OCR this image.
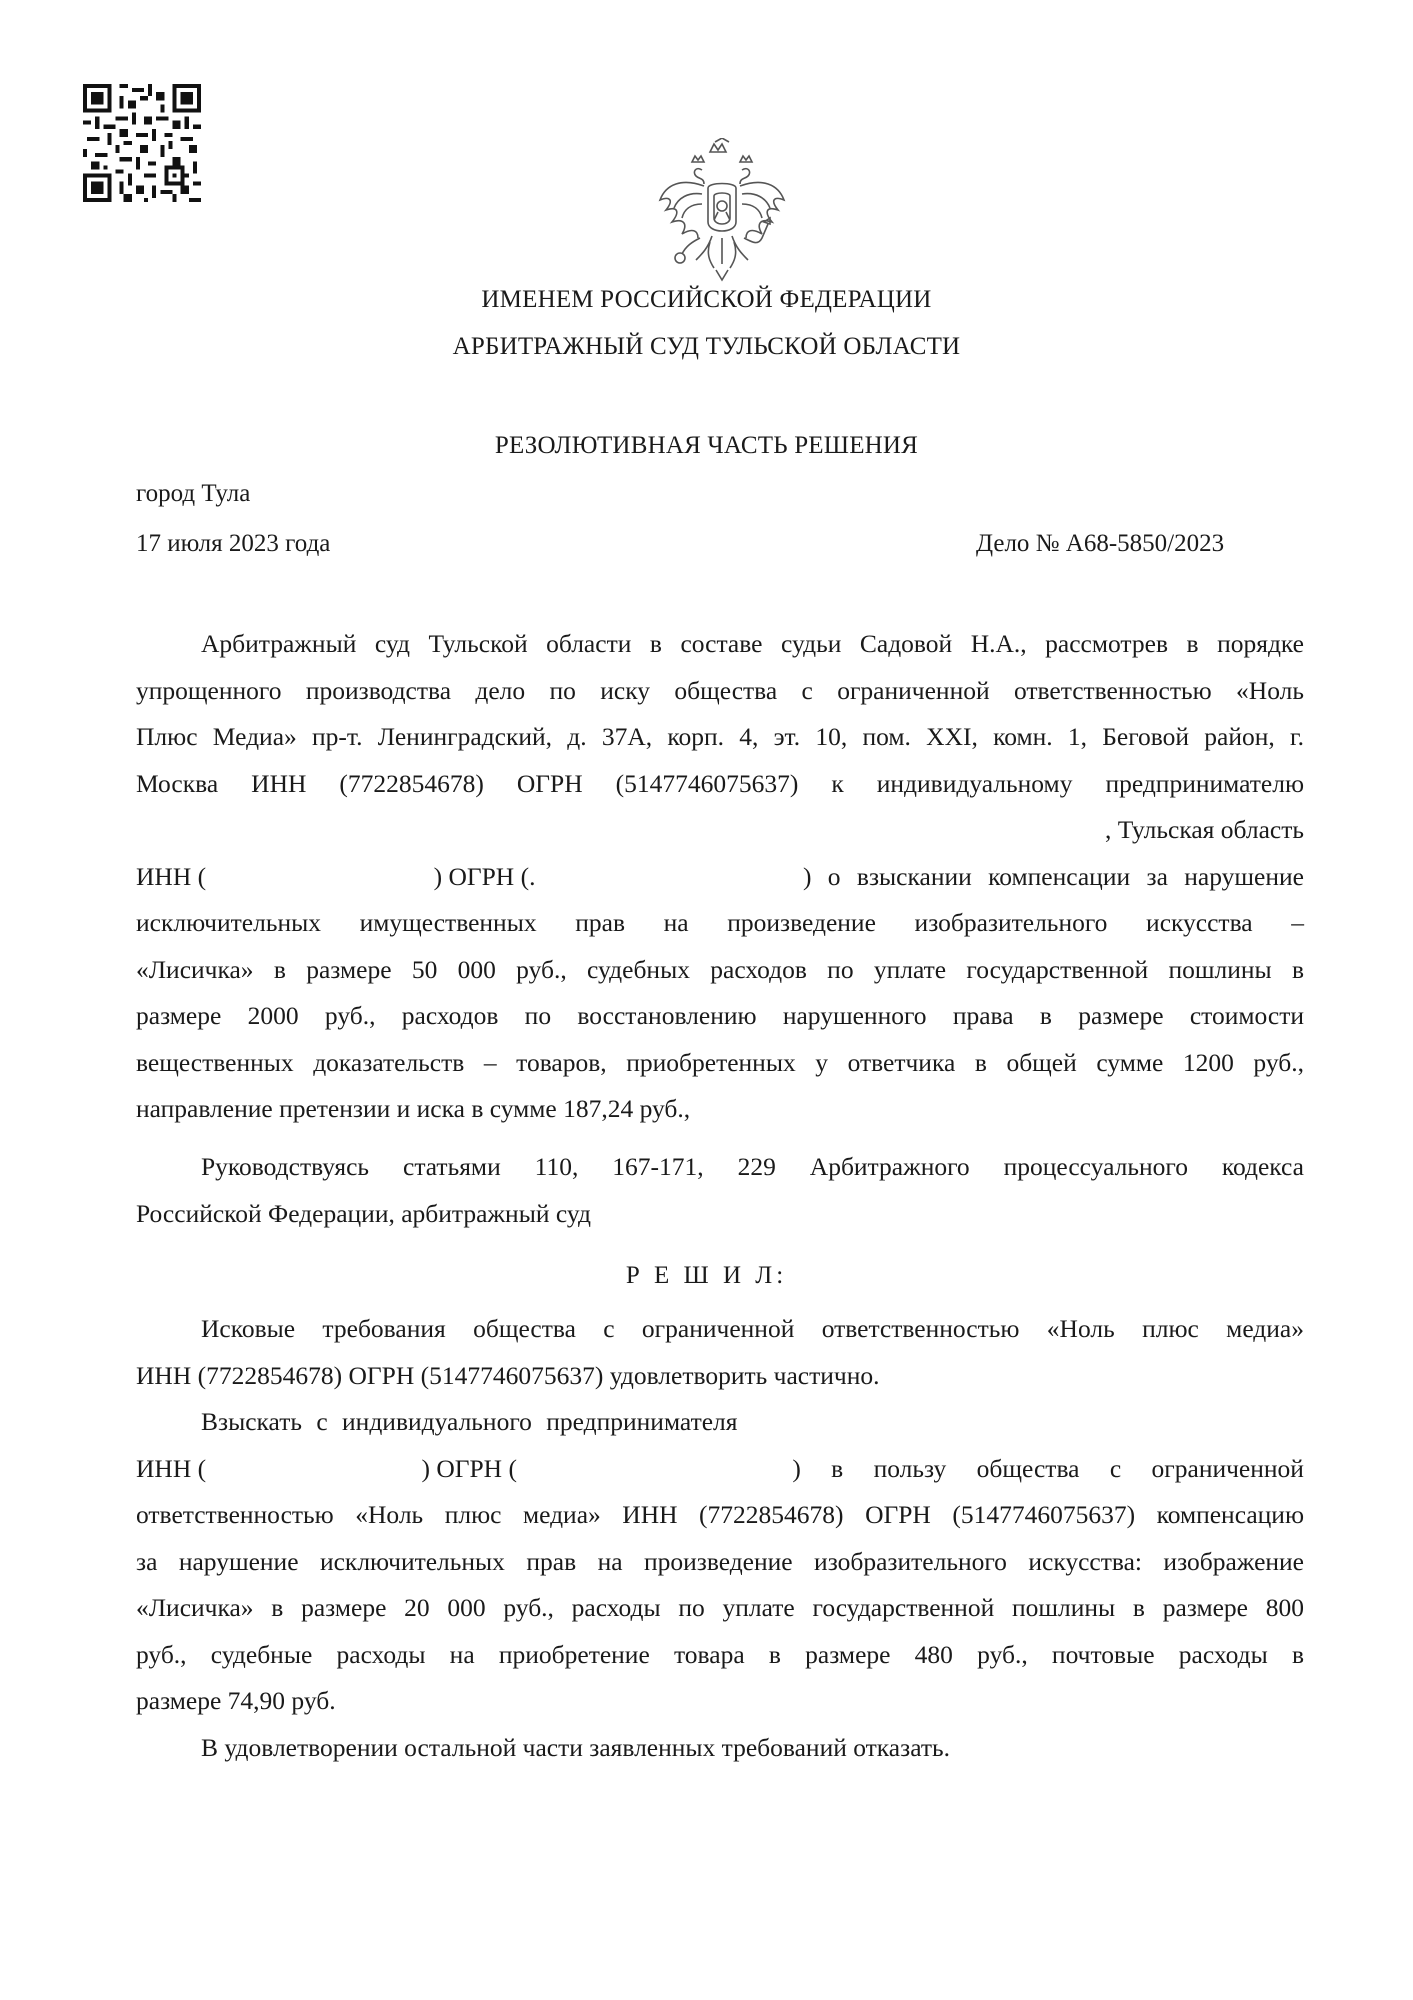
ИМЕНЕМ РОССИЙСКОЙ ФЕДЕРАЦИИ
АРБИТРАЖНЫЙ СУД ТУЛЬСКОЙ ОБЛАСТИ
РЕЗОЛЮТИВНАЯ ЧАСТЬ РЕШЕНИЯ
город Тула
17 июля 2023 года	Дело № А68-5850/2023
Арбитражный суд Тульской области в составе судьи Садовой Н.А., рассмотрев в порядке
упрощенного производства дело по иску общества с ограниченной ответственностью «Ноль
Плюс Медиа» пр-т. Ленинградский, д. 37А, корп. 4, эт. 10, пом. XXI, комн. 1, Беговой район, г.
Москва ИНН (7722854678) ОГРН (5147746075637) к индивидуальному предпринимателю
, Тульская область
ИНН (	) ОГРН (.	) о взыскании компенсации за нарушение
исключительных имущественных прав на произведение изобразительного искусства –
«Лисичка» в размере 50 000 руб., судебных расходов по уплате государственной пошлины в
размере 2000 руб., расходов по восстановлению нарушенного права в размере стоимости
вещественных доказательств – товаров, приобретенных у ответчика в общей сумме 1200 руб.,
направление претензии и иска в сумме 187,24 руб.,
Руководствуясь статьями 110, 167-171, 229 Арбитражного процессуального кодекса
Российской Федерации, арбитражный суд
Р Е Ш И Л:
Исковые требования общества с ограниченной ответственностью «Ноль плюс медиа»
ИНН (7722854678) ОГРН (5147746075637) удовлетворить частично.
Взыскать с индивидуального предпринимателя
ИНН (	) ОГРН (	) в пользу общества с ограниченной
ответственностью «Ноль плюс медиа» ИНН (7722854678) ОГРН (5147746075637) компенсацию
за нарушение исключительных прав на произведение изобразительного искусства: изображение
«Лисичка» в размере 20 000 руб., расходы по уплате государственной пошлины в размере 800
руб., судебные расходы на приобретение товара в размере 480 руб., почтовые расходы в
размере 74,90 руб.
В удовлетворении остальной части заявленных требований отказать.
